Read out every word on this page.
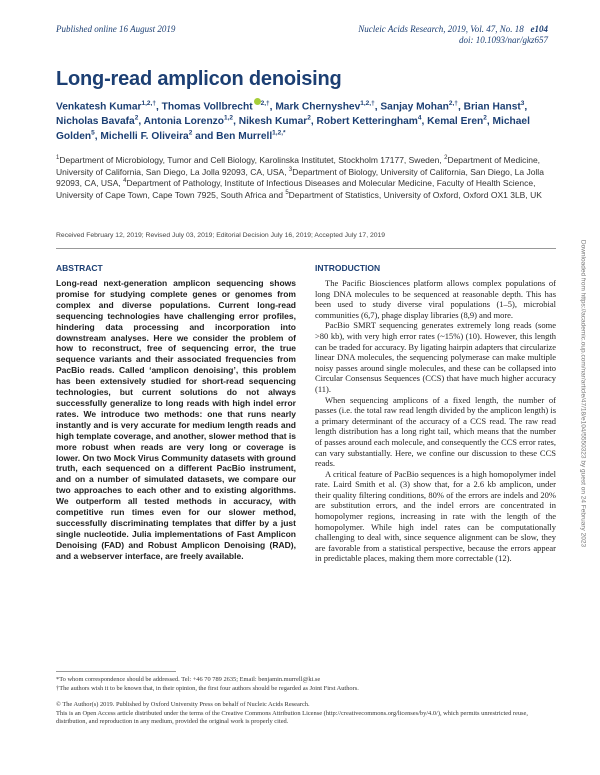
Published online 16 August 2019	Nucleic Acids Research, 2019, Vol. 47, No. 18 e104
doi: 10.1093/nar/gkz657
Long-read amplicon denoising
Venkatesh Kumar$^{1,2,\dagger}$, Thomas Vollbrecht $^{2,\dagger}$, Mark Chernyshev$^{1,2,\dagger}$, Sanjay Mohan$^{2,\dagger}$, Brian Hanst$^3$, Nicholas Bavafa$^2$, Antonia Lorenzo$^{1,2}$, Nikesh Kumar$^2$, Robert Ketteringham$^4$, Kemal Eren$^2$, Michael Golden$^5$, Michelli F. Oliveira$^2$ and Ben Murrell$^{1,2,*}$
$^1$Department of Microbiology, Tumor and Cell Biology, Karolinska Institutet, Stockholm 17177, Sweden, $^2$Department of Medicine, University of California, San Diego, La Jolla 92093, CA, USA, $^3$Department of Biology, University of California, San Diego, La Jolla 92093, CA, USA, $^4$Department of Pathology, Institute of Infectious Diseases and Molecular Medicine, Faculty of Health Science, University of Cape Town, Cape Town 7925, South Africa and $^5$Department of Statistics, University of Oxford, Oxford OX1 3LB, UK
Received February 12, 2019; Revised July 03, 2019; Editorial Decision July 16, 2019; Accepted July 17, 2019
Downloaded from https://academic.oup.com/nar/article/47/18/e104/5550323 by guest on 24 February 2023
ABSTRACT
Long-read next-generation amplicon sequencing shows promise for studying complete genes or genomes from complex and diverse populations. Current long-read sequencing technologies have challenging error profiles, hindering data processing and incorporation into downstream analyses. Here we consider the problem of how to reconstruct, free of sequencing error, the true sequence variants and their associated frequencies from PacBio reads. Called ‘amplicon denoising’, this problem has been extensively studied for short-read sequencing technologies, but current solutions do not always successfully generalize to long reads with high indel error rates. We introduce two methods: one that runs nearly instantly and is very accurate for medium length reads and high template coverage, and another, slower method that is more robust when reads are very long or coverage is lower. On two Mock Virus Community datasets with ground truth, each sequenced on a different PacBio instrument, and on a number of simulated datasets, we compare our two approaches to each other and to existing algorithms. We outperform all tested methods in accuracy, with competitive run times even for our slower method, successfully discriminating templates that differ by a just single nucleotide. Julia implementations of Fast Amplicon Denoising (FAD) and Robust Amplicon Denoising (RAD), and a webserver interface, are freely available.
INTRODUCTION

The Pacific Biosciences platform allows complex populations of long DNA molecules to be sequenced at reasonable depth. This has been used to study diverse viral populations (1–5), microbial communities (6,7), phage display libraries (8,9) and more.

PacBio SMRT sequencing generates extremely long reads (some >80 kb), with very high error rates (~15%) (10). However, this length can be traded for accuracy. By ligating hairpin adapters that circularize linear DNA molecules, the sequencing polymerase can make multiple noisy passes around single molecules, and these can be collapsed into Circular Consensus Sequences (CCS) that have much higher accuracy (11).

When sequencing amplicons of a fixed length, the number of passes (i.e. the total raw read length divided by the amplicon length) is a primary determinant of the accuracy of a CCS read. The raw read length distribution has a long right tail, which means that the number of passes around each molecule, and consequently the CCS error rates, can vary substantially. Here, we confine our discussion to these CCS reads.

A critical feature of PacBio sequences is a high homopolymer indel rate. Laird Smith et al. (3) show that, for a 2.6 kb amplicon, under their quality filtering conditions, 80% of the errors are indels and 20% are substitution errors, and the indel errors are concentrated in homopolymer regions, increasing in rate with the length of the homopolymer. While high indel rates can be computationally challenging to deal with, since sequence alignment can be slow, they are favorable from a statistical perspective, because the errors appear in predictable places, making them more correctable (12).

*To whom correspondence should be addressed. Tel: +46 70 789 2635; Email: benjamin.murrell@ki.se
†The authors wish it to be known that, in their opinion, the first four authors should be regarded as Joint First Authors.
© The Author(s) 2019. Published by Oxford University Press on behalf of Nucleic Acids Research.
This is an Open Access article distributed under the terms of the Creative Commons Attribution License (http://creativecommons.org/licenses/by/4.0/), which permits unrestricted reuse, distribution, and reproduction in any medium, provided the original work is properly cited.
